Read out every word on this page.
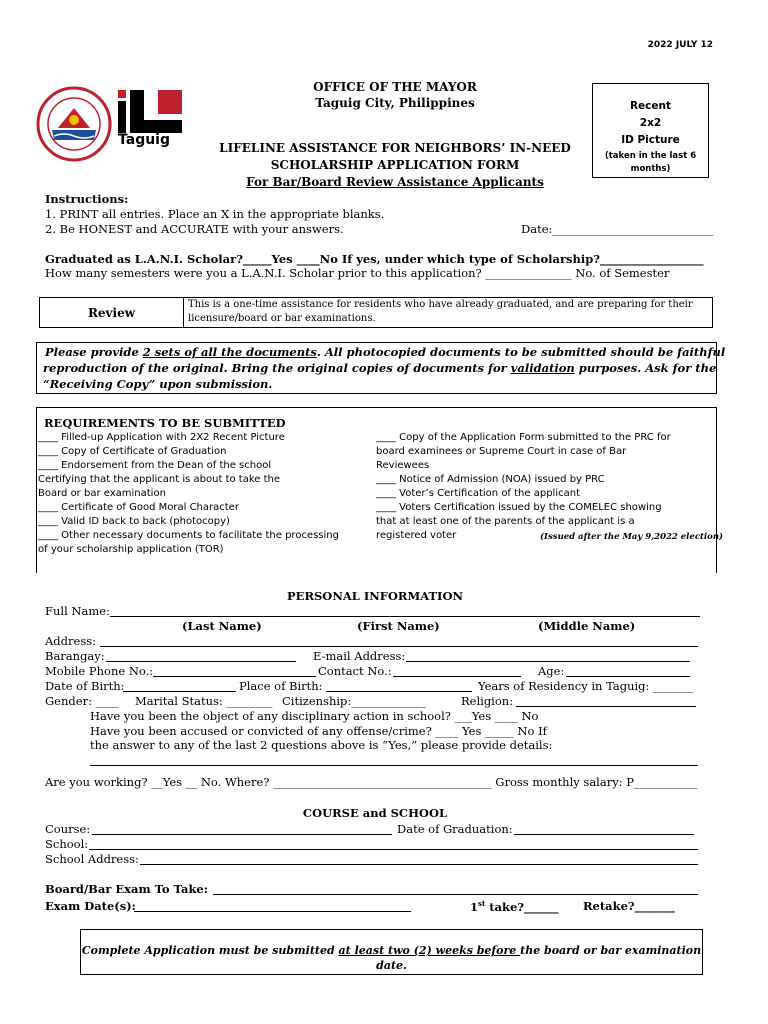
2022 JULY 12
Taguig
OFFICE OF THE MAYOR
Taguig City, Philippines
LIFELINE ASSISTANCE FOR NEIGHBORS’ IN-NEED
SCHOLARSHIP APPLICATION FORM
For Bar/Board Review Assistance Applicants
Recent
2x2
ID Picture
(taken in the last 6
months)
Instructions:
1. PRINT all entries. Place an X in the appropriate blanks.
2. Be HONEST and ACCURATE with your answers.	Date:____________________________
Graduated as L.A.N.I. Scholar?_____Yes ____No If yes, under which type of Scholarship?__________________
How many semesters were you a L.A.N.I. Scholar prior to this application? _______________ No. of Semester
Review
This is a one-time assistance for residents who have already graduated, and are preparing for their
licensure/board or bar examinations.
Please provide 2 sets of all the documents. All photocopied documents to be submitted should be faithful
reproduction of the original. Bring the original copies of documents for validation purposes. Ask for the
“Receiving Copy” upon submission.
REQUIREMENTS TO BE SUBMITTED
____ Filled-up Application with 2X2 Recent Picture
____ Copy of Certificate of Graduation
____ Endorsement from the Dean of the school
Certifying that the applicant is about to take the
Board or bar examination
____ Certificate of Good Moral Character
____ Valid ID back to back (photocopy)
____ Other necessary documents to facilitate the processing
of your scholarship application (TOR)
____ Copy of the Application Form submitted to the PRC for
board examinees or Supreme Court in case of Bar
Reviewees
____ Notice of Admission (NOA) issued by PRC
____ Voter’s Certification of the applicant
____ Voters Certification issued by the COMELEC showing
that at least one of the parents of the applicant is a
registered voter	(Issued after the May 9,2022 election)
PERSONAL INFORMATION
Full Name:
(Last Name)	(First Name)	(Middle Name)
Address:
Barangay:	E-mail Address:
Mobile Phone No.:	Contact No.:	Age:
Date of Birth:	Place of Birth:	Years of Residency in Taguig: _______
Gender: ____ Marital Status: ________ Citizenship:_____________	Religion:
Have you been the object of any disciplinary action in school? ___Yes ____ No
Have you been accused or convicted of any offense/crime? ____ Yes _____ No If
the answer to any of the last 2 questions above is “Yes,” please provide details:
Are you working? __Yes __ No. Where? ______________________________________ Gross monthly salary: P___________
COURSE and SCHOOL
Course:	Date of Graduation:
School:
School Address:
Board/Bar Exam To Take:
Exam Date(s):	1st take?______ Retake?_______
Complete Application must be submitted at least two (2) weeks before the board or bar examination
date.
